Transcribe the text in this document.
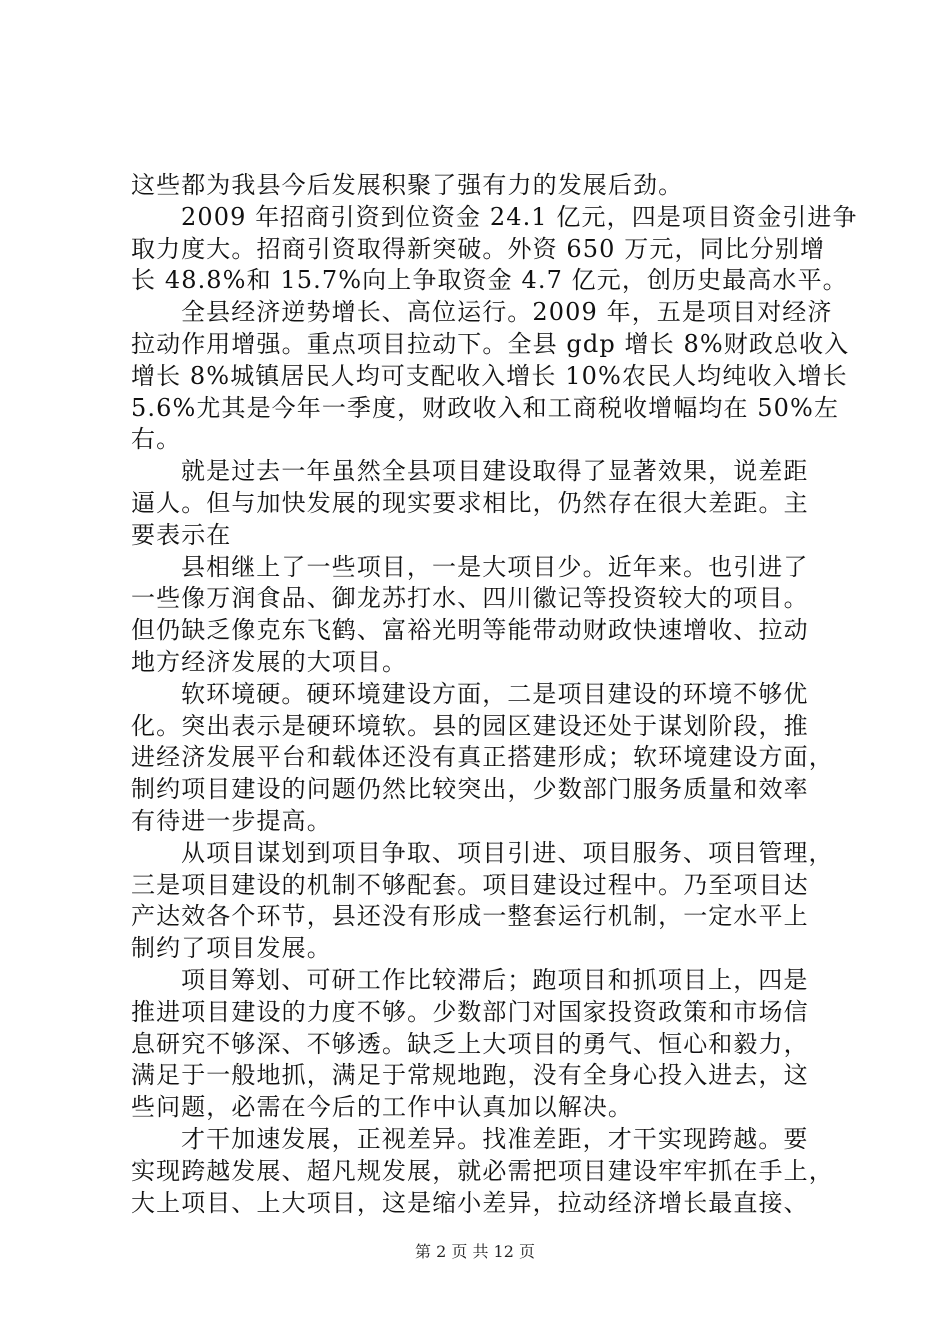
这些都为我县今后发展积聚了强有力的发展后劲。
2009 年招商引资到位资金 24.1 亿元，四是项目资金引进争
取力度大。招商引资取得新突破。外资 650 万元，同比分别增
长 48.8%和 15.7%向上争取资金 4.7 亿元，创历史最高水平。
全县经济逆势增长、高位运行。2009 年，五是项目对经济
拉动作用增强。重点项目拉动下。全县 gdp 增长 8%财政总收入
增长 8%城镇居民人均可支配收入增长 10%农民人均纯收入增长
5.6%尤其是今年一季度，财政收入和工商税收增幅均在 50%左
右。
就是过去一年虽然全县项目建设取得了显著效果，说差距
逼人。但与加快发展的现实要求相比，仍然存在很大差距。主
要表示在
县相继上了一些项目，一是大项目少。近年来。也引进了
一些像万润食品、御龙苏打水、四川徽记等投资较大的项目。
但仍缺乏像克东飞鹤、富裕光明等能带动财政快速增收、拉动
地方经济发展的大项目。
软环境硬。硬环境建设方面，二是项目建设的环境不够优
化。突出表示是硬环境软。县的园区建设还处于谋划阶段，推
进经济发展平台和载体还没有真正搭建形成；软环境建设方面，
制约项目建设的问题仍然比较突出，少数部门服务质量和效率
有待进一步提高。
从项目谋划到项目争取、项目引进、项目服务、项目管理，
三是项目建设的机制不够配套。项目建设过程中。乃至项目达
产达效各个环节，县还没有形成一整套运行机制，一定水平上
制约了项目发展。
项目筹划、可研工作比较滞后；跑项目和抓项目上，四是
推进项目建设的力度不够。少数部门对国家投资政策和市场信
息研究不够深、不够透。缺乏上大项目的勇气、恒心和毅力，
满足于一般地抓，满足于常规地跑，没有全身心投入进去，这
些问题，必需在今后的工作中认真加以解决。
才干加速发展，正视差异。找准差距，才干实现跨越。要
实现跨越发展、超凡规发展，就必需把项目建设牢牢抓在手上，
大上项目、上大项目，这是缩小差异，拉动经济增长最直接、
第 2 页 共 12 页
